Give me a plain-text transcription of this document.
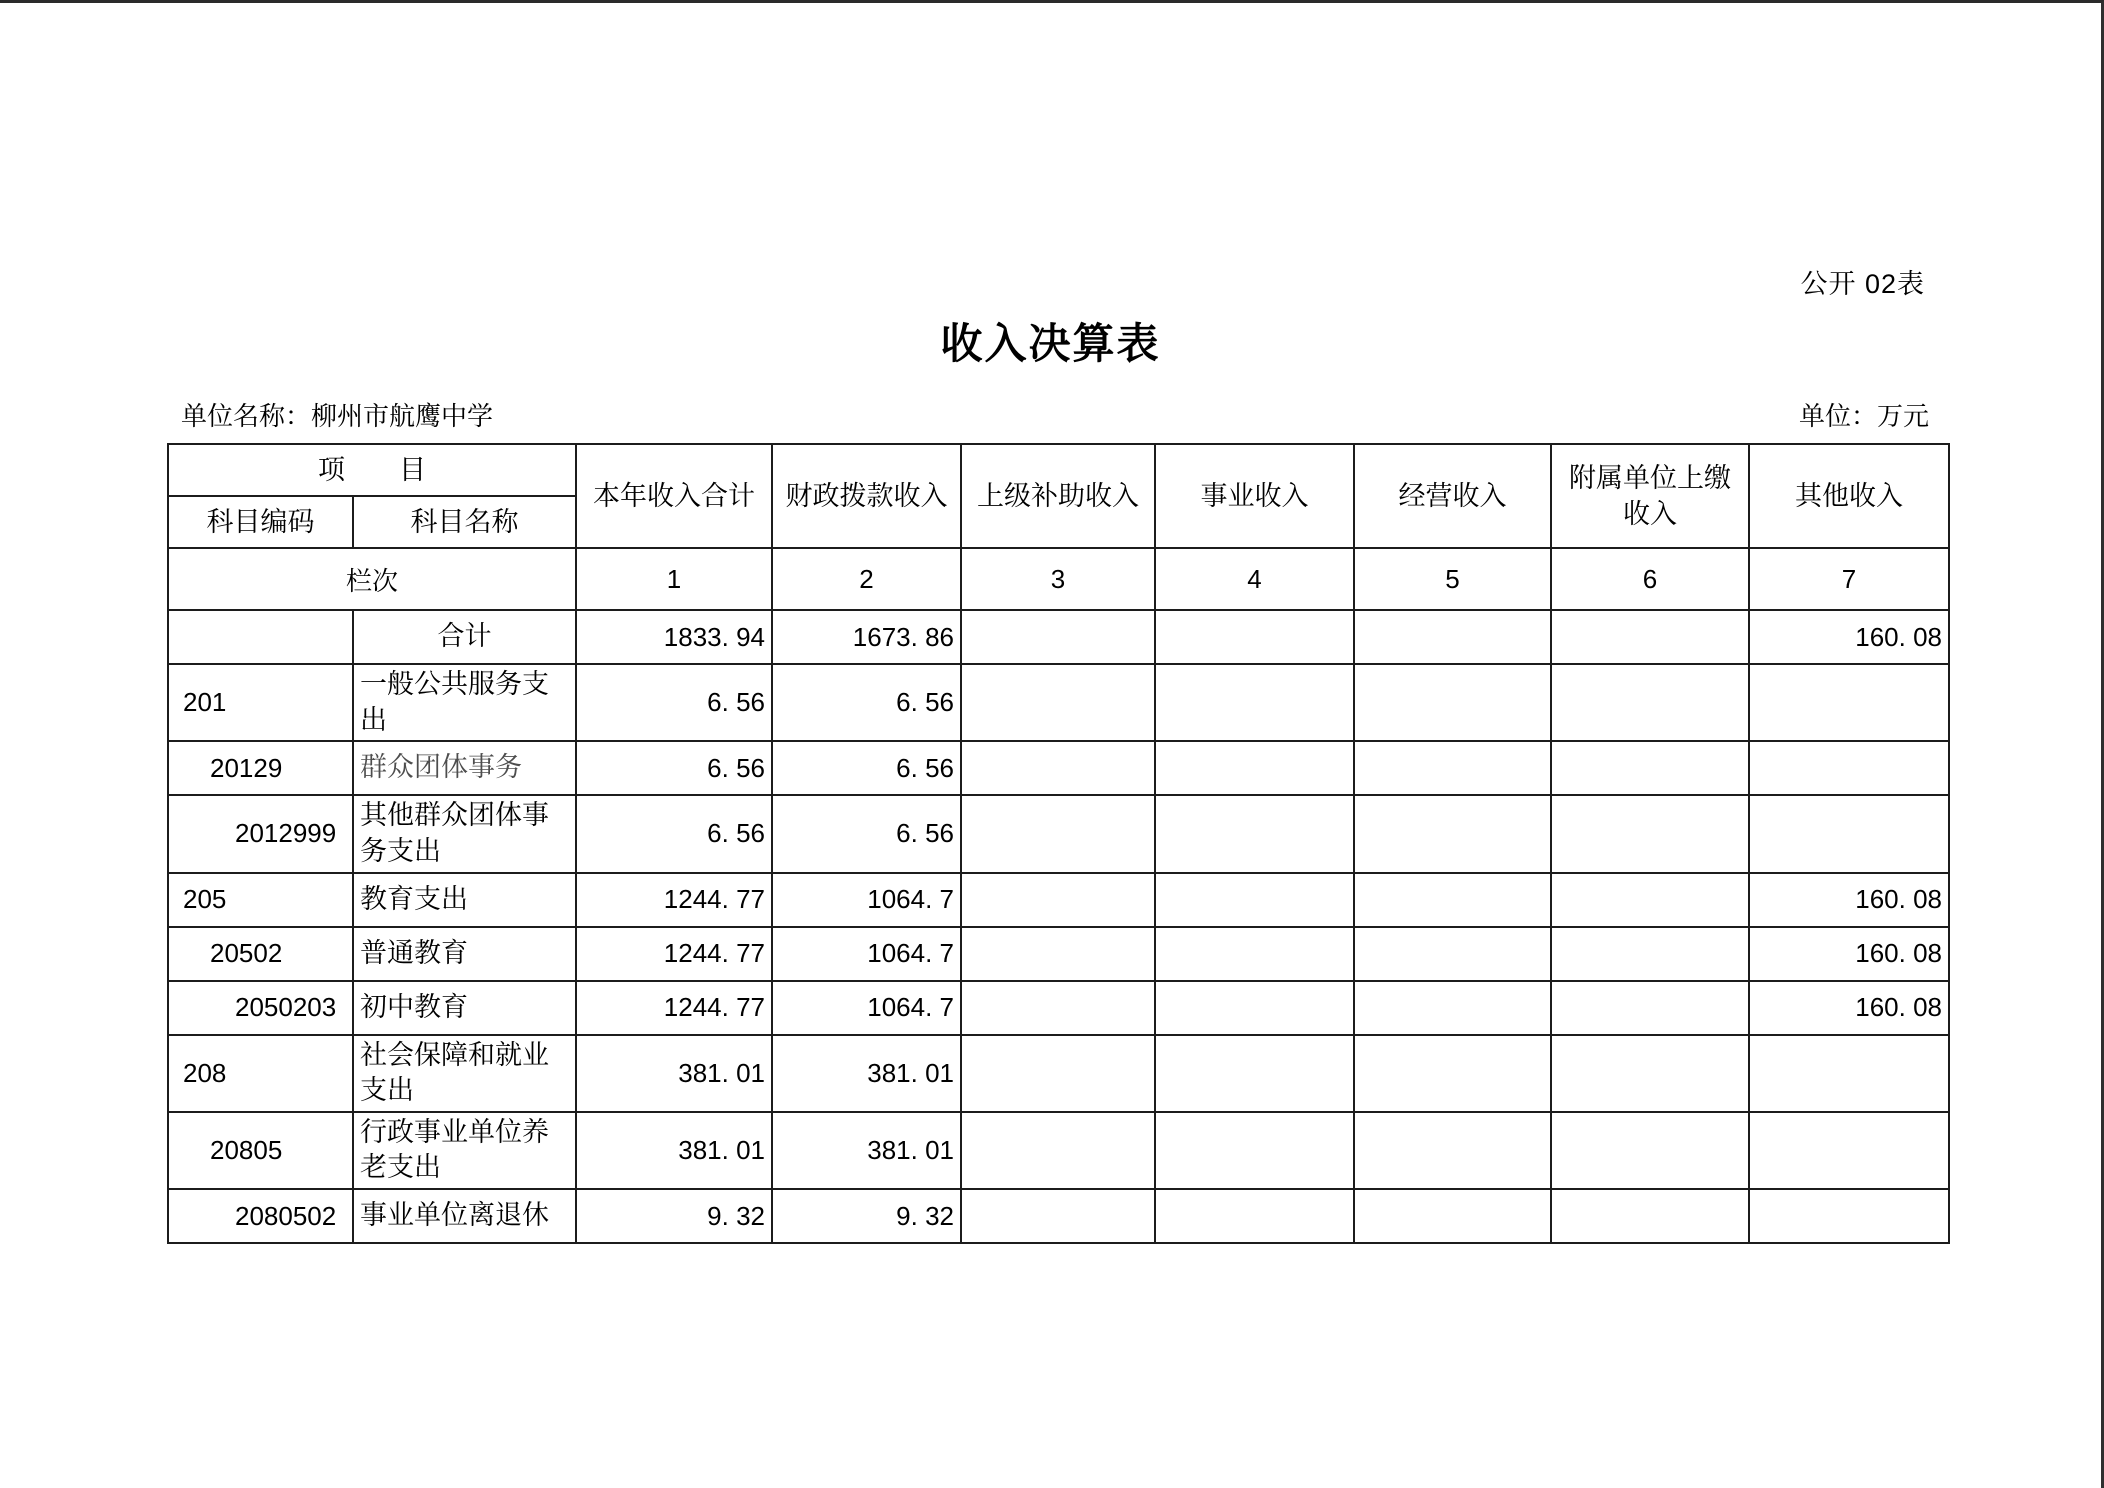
公开 02表
收入决算表
单位名称：柳州市航鹰中学	单位：万元
项　　目		本年收入合计	财政拨款收入	上级补助收入	事业收入	经营收入	附属单位上缴收入	其他收入
科目编码	科目名称							
栏次		1	2	3	4	5	6	7
	合计	1833. 94	1673. 86					160. 08
201	一般公共服务支出	6. 56	6. 56					
20129	群众团体事务	6. 56	6. 56					
2012999	其他群众团体事务支出	6. 56	6. 56					
205	教育支出	1244. 77	1064. 7					160. 08
20502	普通教育	1244. 77	1064. 7					160. 08
2050203	初中教育	1244. 77	1064. 7					160. 08
208	社会保障和就业支出	381. 01	381. 01					
20805	行政事业单位养老支出	381. 01	381. 01					
2080502	事业单位离退休	9. 32	9. 32					
